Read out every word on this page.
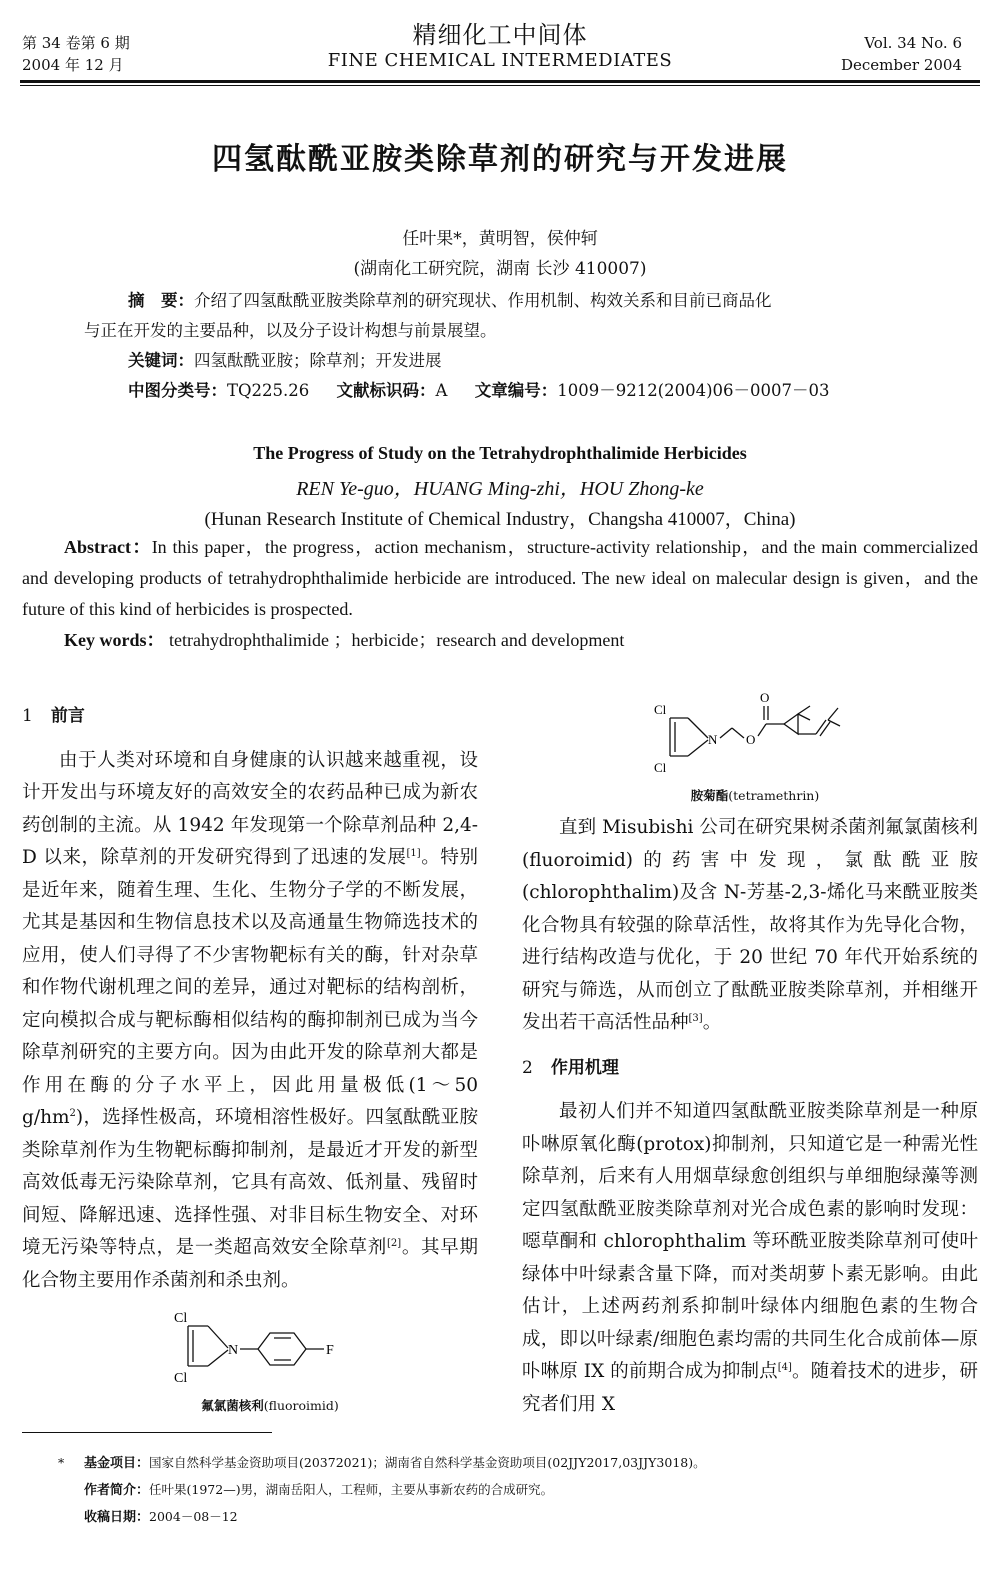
第 34 卷第 6 期
2004 年 12 月
精细化工中间体
FINE CHEMICAL INTERMEDIATES
Vol. 34 No. 6
December 2004
四氢酞酰亚胺类除草剂的研究与开发进展
任叶果*，黄明智，侯仲轲
(湖南化工研究院，湖南 长沙 410007)
摘　要：介绍了四氢酞酰亚胺类除草剂的研究现状、作用机制、构效关系和目前已商品化
与正在开发的主要品种，以及分子设计构想与前景展望。
关键词：四氢酞酰亚胺；除草剂；开发进展
中图分类号：TQ225.26 文献标识码：A 文章编号：1009－9212(2004)06－0007－03
The Progress of Study on the Tetrahydrophthalimide Herbicides
REN Ye-guo，HUANG Ming-zhi，HOU Zhong-ke
(Hunan Research Institute of Chemical Industry，Changsha 410007，China)
Abstract：In this paper，the progress，action mechanism，structure-activity relationship，and the main commercialized and developing products of tetrahydrophthalimide herbicide are introduced. The new ideal on malecular design is given，and the future of this kind of herbicides is prospected.
Key words： tetrahydrophthalimide ；herbicide；research and development
1 前言

由于人类对环境和自身健康的认识越来越重视，设计开发出与环境友好的高效安全的农药品种已成为新农药创制的主流。从 1942 年发现第一个除草剂品种 2,4-D 以来，除草剂的开发研究得到了迅速的发展[1]。特别是近年来，随着生理、生化、生物分子学的不断发展，尤其是基因和生物信息技术以及高通量生物筛选技术的应用，使人们寻得了不少害物靶标有关的酶，针对杂草和作物代谢机理之间的差异，通过对靶标的结构剖析，定向模拟合成与靶标酶相似结构的酶抑制剂已成为当今除草剂研究的主要方向。因为由此开发的除草剂大都是作用在酶的分子水平上，因此用量极低(1～50 $g/hm^2$)，选择性极高，环境相溶性极好。四氢酞酰亚胺类除草剂作为生物靶标酶抑制剂，是最近才开发的新型高效低毒无污染除草剂，它具有高效、低剂量、残留时间短、降解迅速、选择性强、对非目标生物安全、对环境无污染等特点，是一类超高效安全除草剂[2]。其早期化合物主要用作杀菌剂和杀虫剂。

Cl
Cl
N	F
氟氯菌核利(fluoroimid)
O
O
Cl
Cl
N
胺菊酯(tetramethrin)

直到 Misubishi 公司在研究果树杀菌剂氟氯菌核利(fluoroimid)的药害中发现，氯酞酰亚胺(chlorophthalim)及含 N-芳基-2,3-烯化马来酰亚胺类化合物具有较强的除草活性，故将其作为先导化合物，进行结构改造与优化，于 20 世纪 70 年代开始系统的研究与筛选，从而创立了酞酰亚胺类除草剂，并相继开发出若干高活性品种[3]。

2 作用机理

最初人们并不知道四氢酞酰亚胺类除草剂是一种原卟啉原氧化酶(protox)抑制剂，只知道它是一种需光性除草剂，后来有人用烟草绿愈创组织与单细胞绿藻等测定四氢酞酰亚胺类除草剂对光合成色素的影响时发现：噁草酮和 chlorophthalim 等环酰亚胺类除草剂可使叶绿体中叶绿素含量下降，而对类胡萝卜素无影响。由此估计，上述两药剂系抑制叶绿体内细胞色素的生物合成，即以叶绿素/细胞色素均需的共同生化合成前体—原卟啉原 IX 的前期合成为抑制点[4]。随着技术的进步，研究者们用 X

* 基金项目：国家自然科学基金资助项目(20372021)；湖南省自然科学基金资助项目(02JJY2017,03JJY3018)。
作者简介：任叶果(1972—)男，湖南岳阳人，工程师，主要从事新农药的合成研究。
收稿日期：2004－08－12
